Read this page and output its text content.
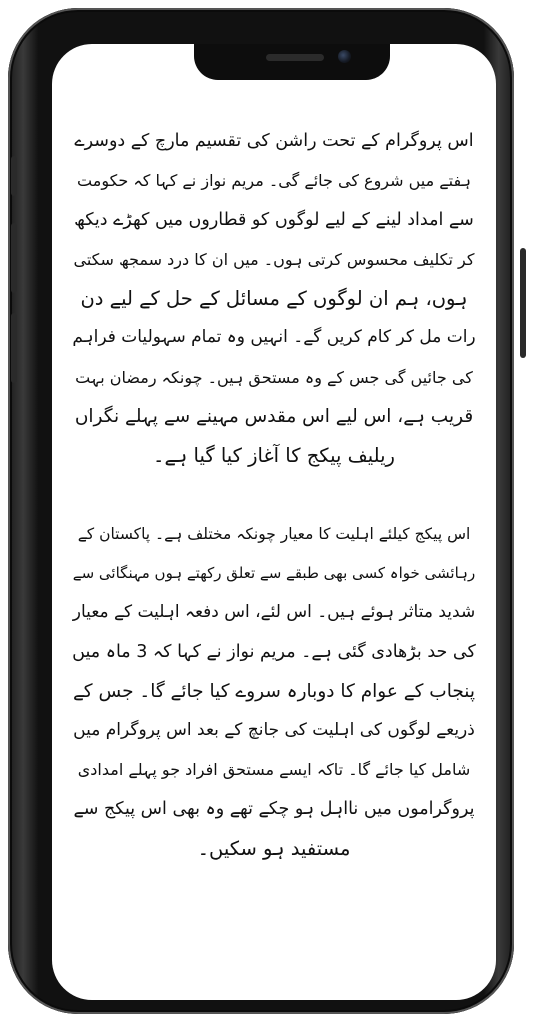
اس پروگرام کے تحت راشن کی تقسیم مارچ کے دوسرے
ہفتے میں شروع کی جائے گی۔ مریم نواز نے کہا کہ حکومت
سے امداد لینے کے لیے لوگوں کو قطاروں میں کھڑے دیکھ
کر تکلیف محسوس کرتی ہوں۔ میں ان کا درد سمجھ سکتی
ہوں، ہم ان لوگوں کے مسائل کے حل کے لیے دن
رات مل کر کام کریں گے۔ انہیں وہ تمام سہولیات فراہم
کی جائیں گی جس کے وہ مستحق ہیں۔ چونکہ رمضان بہت
قریب ہے، اس لیے اس مقدس مہینے سے پہلے نگراں
ریلیف پیکج کا آغاز کیا گیا ہے۔

اس پیکج کیلئے اہلیت کا معیار چونکہ مختلف ہے۔ پاکستان کے
رہائشی خواہ کسی بھی طبقے سے تعلق رکھتے ہوں مہنگائی سے
شدید متاثر ہوئے ہیں۔ اس لئے، اس دفعہ اہلیت کے معیار
کی حد بڑھادی گئی ہے۔ مریم نواز نے کہا کہ 3 ماہ میں
پنجاب کے عوام کا دوبارہ سروے کیا جائے گا۔ جس کے
ذریعے لوگوں کی اہلیت کی جانچ کے بعد اس پروگرام میں
شامل کیا جائے گا۔ تاکہ ایسے مستحق افراد جو پہلے امدادی
پروگراموں میں نااہل ہو چکے تھے وہ بھی اس پیکج سے
مستفید ہو سکیں۔
